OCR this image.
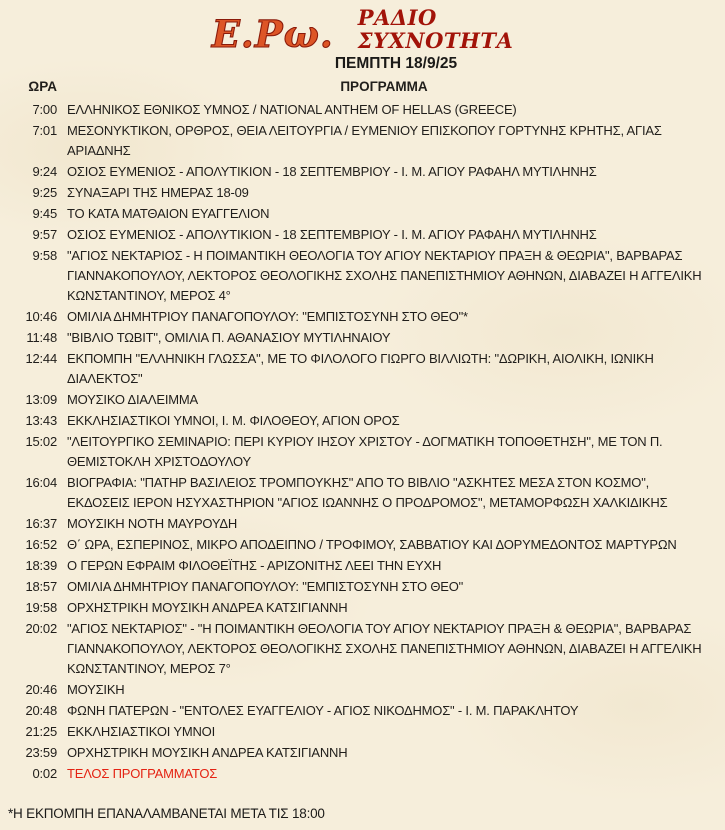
Ε.Ρω. ΡΑΔΙΟ
ΣΥΧΝΟΤΗΤΑ
ΠΕΜΠΤΗ 18/9/25
ΩΡΑ	ΠΡΟΓΡΑΜΜΑ
7:00 ΕΛΛΗΝΙΚΟΣ ΕΘΝΙΚΟΣ ΥΜΝΟΣ / NATIONAL ANTHEM OF HELLAS (GREECE)
7:01 ΜΕΣΟΝΥΚΤΙΚΟΝ, ΟΡΘΡΟΣ, ΘΕΙΑ ΛΕΙΤΟΥΡΓΙΑ / ΕΥΜΕΝΙΟΥ ΕΠΙΣΚΟΠΟΥ ΓΟΡΤΥΝΗΣ ΚΡΗΤΗΣ, ΑΓΙΑΣ ΑΡΙΑΔΝΗΣ
9:24 ΟΣΙΟΣ ΕΥΜΕΝΙΟΣ - ΑΠΟΛΥΤΙΚΙΟΝ - 18 ΣΕΠΤΕΜΒΡΙΟΥ - Ι. Μ. ΑΓΙΟΥ ΡΑΦΑΗΛ ΜΥΤΙΛΗΝΗΣ
9:25 ΣΥΝΑΞΑΡΙ ΤΗΣ ΗΜΕΡΑΣ 18-09
9:45 ΤΟ ΚΑΤΑ ΜΑΤΘΑΙΟΝ ΕΥΑΓΓΕΛΙΟΝ
9:57 ΟΣΙΟΣ ΕΥΜΕΝΙΟΣ - ΑΠΟΛΥΤΙΚΙΟΝ - 18 ΣΕΠΤΕΜΒΡΙΟΥ - Ι. Μ. ΑΓΙΟΥ ΡΑΦΑΗΛ ΜΥΤΙΛΗΝΗΣ
9:58 "ΑΓΙΟΣ ΝΕΚΤΑΡΙΟΣ - Η ΠΟΙΜΑΝΤΙΚΗ ΘΕΟΛΟΓΙΑ ΤΟΥ ΑΓΙΟΥ ΝΕΚΤΑΡΙΟΥ ΠΡΑΞΗ & ΘΕΩΡΙΑ", ΒΑΡΒΑΡΑΣ ΓΙΑΝΝΑΚΟΠΟΥΛΟΥ, ΛΕΚΤΟΡΟΣ ΘΕΟΛΟΓΙΚΗΣ ΣΧΟΛΗΣ ΠΑΝΕΠΙΣΤΗΜΙΟΥ ΑΘΗΝΩΝ, ΔΙΑΒΑΖΕΙ Η ΑΓΓΕΛΙΚΗ ΚΩΝΣΤΑΝΤΙΝΟΥ, ΜΕΡΟΣ 4°
10:46 ΟΜΙΛΙΑ ΔΗΜΗΤΡΙΟΥ ΠΑΝΑΓΟΠΟΥΛΟΥ: "ΕΜΠΙΣΤΟΣΥΝΗ ΣΤΟ ΘΕΟ"*
11:48 "ΒΙΒΛΙΟ ΤΩΒΙΤ", ΟΜΙΛΙΑ Π. ΑΘΑΝΑΣΙΟΥ ΜΥΤΙΛΗΝΑΙΟΥ
12:44 ΕΚΠΟΜΠΗ "ΕΛΛΗΝΙΚΗ ΓΛΩΣΣΑ", ΜΕ ΤΟ ΦΙΛΟΛΟΓΟ ΓΙΩΡΓΟ ΒΙΛΛΙΩΤΗ: "ΔΩΡΙΚΗ, ΑΙΟΛΙΚΗ, ΙΩΝΙΚΗ ΔΙΑΛΕΚΤΟΣ"
13:09 ΜΟΥΣΙΚΟ ΔΙΑΛΕΙΜΜΑ
13:43 ΕΚΚΛΗΣΙΑΣΤΙΚΟΙ ΥΜΝΟΙ, Ι. Μ. ΦΙΛΟΘΕΟΥ, ΑΓΙΟΝ ΟΡΟΣ
15:02 "ΛΕΙΤΟΥΡΓΙΚΟ ΣΕΜΙΝΑΡΙΟ: ΠΕΡΙ ΚΥΡΙΟΥ ΙΗΣΟΥ ΧΡΙΣΤΟΥ - ΔΟΓΜΑΤΙΚΗ ΤΟΠΟΘΕΤΗΣΗ", ΜΕ ΤΟΝ Π. ΘΕΜΙΣΤΟΚΛΗ ΧΡΙΣΤΟΔΟΥΛΟΥ
16:04 ΒΙΟΓΡΑΦΙΑ: "ΠΑΤΗΡ ΒΑΣΙΛΕΙΟΣ ΤΡΟΜΠΟΥΚΗΣ" ΑΠΟ ΤΟ ΒΙΒΛΙΟ "ΑΣΚΗΤΕΣ ΜΕΣΑ ΣΤΟΝ ΚΟΣΜΟ", ΕΚΔΟΣΕΙΣ ΙΕΡΟΝ ΗΣΥΧΑΣΤΗΡΙΟΝ "ΑΓΙΟΣ ΙΩΑΝΝΗΣ Ο ΠΡΟΔΡΟΜΟΣ", ΜΕΤΑΜΟΡΦΩΣΗ ΧΑΛΚΙΔΙΚΗΣ
16:37 ΜΟΥΣΙΚΗ ΝΟΤΗ ΜΑΥΡΟΥΔΗ
16:52 Θ΄ ΩΡΑ, ΕΣΠΕΡΙΝΟΣ, ΜΙΚΡΟ ΑΠΟΔΕΙΠΝΟ / ΤΡΟΦΙΜΟΥ, ΣΑΒΒΑΤΙΟΥ ΚΑΙ ΔΟΡΥΜΕΔΟΝΤΟΣ ΜΑΡΤΥΡΩΝ
18:39 Ο ΓΕΡΩΝ ΕΦΡΑΙΜ ΦΙΛΟΘΕΪΤΗΣ - ΑΡΙΖΟΝΙΤΗΣ ΛΕΕΙ ΤΗΝ ΕΥΧΗ
18:57 ΟΜΙΛΙΑ ΔΗΜΗΤΡΙΟΥ ΠΑΝΑΓΟΠΟΥΛΟΥ: "ΕΜΠΙΣΤΟΣΥΝΗ ΣΤΟ ΘΕΟ"
19:58 ΟΡΧΗΣΤΡΙΚΗ ΜΟΥΣΙΚΗ ΑΝΔΡΕΑ ΚΑΤΣΙΓΙΑΝΝΗ
20:02 "ΑΓΙΟΣ ΝΕΚΤΑΡΙΟΣ" - "Η ΠΟΙΜΑΝΤΙΚΗ ΘΕΟΛΟΓΙΑ ΤΟΥ ΑΓΙΟΥ ΝΕΚΤΑΡΙΟΥ ΠΡΑΞΗ & ΘΕΩΡΙΑ", ΒΑΡΒΑΡΑΣ ΓΙΑΝΝΑΚΟΠΟΥΛΟΥ, ΛΕΚΤΟΡΟΣ ΘΕΟΛΟΓΙΚΗΣ ΣΧΟΛΗΣ ΠΑΝΕΠΙΣΤΗΜΙΟΥ ΑΘΗΝΩΝ, ΔΙΑΒΑΖΕΙ Η ΑΓΓΕΛΙΚΗ ΚΩΝΣΤΑΝΤΙΝΟΥ, ΜΕΡΟΣ 7°
20:46 ΜΟΥΣΙΚΗ
20:48 ΦΩΝΗ ΠΑΤΕΡΩΝ - "ΕΝΤΟΛΕΣ ΕΥΑΓΓΕΛΙΟΥ - ΑΓΙΟΣ ΝΙΚΟΔΗΜΟΣ" - Ι. Μ. ΠΑΡΑΚΛΗΤΟΥ
21:25 ΕΚΚΛΗΣΙΑΣΤΙΚΟΙ ΥΜΝΟΙ
23:59 ΟΡΧΗΣΤΡΙΚΗ ΜΟΥΣΙΚΗ ΑΝΔΡΕΑ ΚΑΤΣΙΓΙΑΝΝΗ
0:02 ΤΕΛΟΣ ΠΡΟΓΡΑΜΜΑΤΟΣ
*Η ΕΚΠΟΜΠΗ ΕΠΑΝΑΛΑΜΒΑΝΕΤΑΙ ΜΕΤΑ ΤΙΣ 18:00
